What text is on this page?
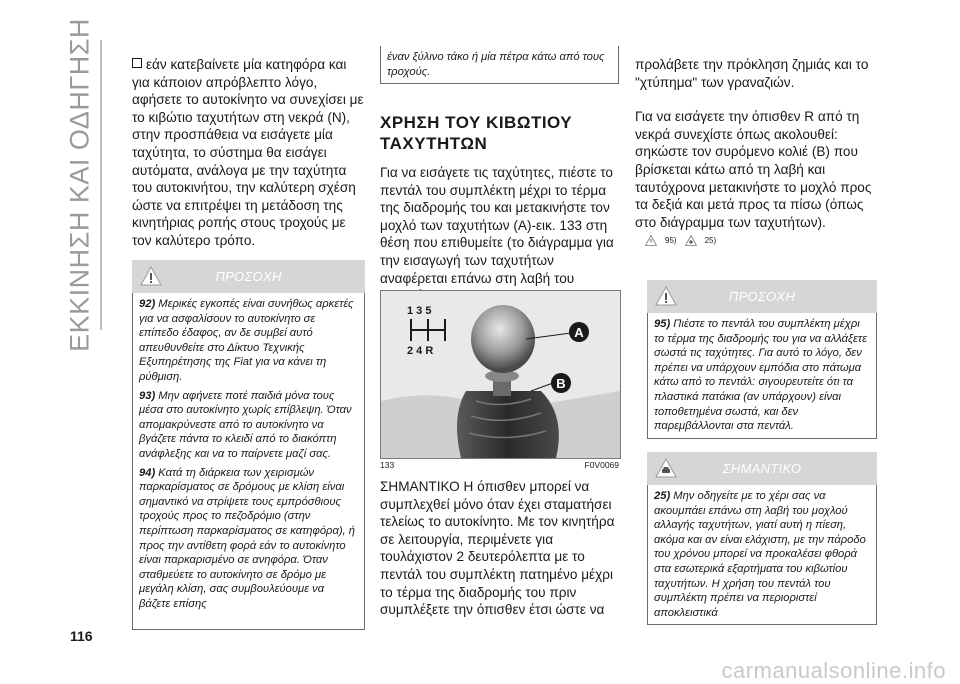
ΕΚΚΙΝΗΣΗ ΚΑΙ ΟΔΗΓΗΣΗ	εάν κατεβαίνετε μία κατηφόρα και για κάποιον απρόβλεπτο λόγο, αφήσετε το αυτοκίνητο να συνεχίσει με το κιβώτιο ταχυτήτων στη νεκρά (N), στην προσπάθεια να εισάγετε μία ταχύτητα, το σύστημα θα εισάγει αυτόματα, ανάλογα με την ταχύτητα του αυτοκινήτου, την καλύτερη σχέση ώστε να επιτρέψει τη μετάδοση της κινητήριας ροπής στους τροχούς με τον καλύτερο τρόπο.

ΠΡΟΣΟΧΗ

92) Μερικές εγκοπές είναι συνήθως αρκετές για να ασφαλίσουν το αυτοκίνητο σε επίπεδο έδαφος, αν δε συμβεί αυτό απευθυνθείτε στο Δίκτυο Τεχνικής Εξυπηρέτησης της Fiat για να κάνει τη ρύθμιση.

93) Μην αφήνετε ποτέ παιδιά μόνα τους μέσα στο αυτοκίνητο χωρίς επίβλεψη. Όταν απομακρύνεστε από το αυτοκίνητο να βγάζετε πάντα το κλειδί από το διακόπτη ανάφλεξης και να το παίρνετε μαζί σας.

94) Κατά τη διάρκεια των χειρισμών παρκαρίσματος σε δρόμους με κλίση είναι σημαντικό να στρίψετε τους εμπρόσθιους τροχούς προς το πεζοδρόμιο (στην περίπτωση παρκαρίσματος σε κατηφόρα), ή προς την αντίθετη φορά εάν το αυτοκίνητο είναι παρκαρισμένο σε ανηφόρα. Όταν σταθμεύετε το αυτοκίνητο σε δρόμο με μεγάλη κλίση, σας συμβουλεύουμε να βάζετε επίσης

έναν ξύλινο τάκο ή μία πέτρα κάτω από τους τροχούς.

ΧΡΗΣΗ ΤΟΥ ΚΙΒΩΤΙΟΥ ΤΑΧΥΤΗΤΩΝ

Για να εισάγετε τις ταχύτητες, πιέστε το πεντάλ του συμπλέκτη μέχρι το τέρμα της διαδρομής του και μετακινήστε τον μοχλό των ταχυτήτων (A)-εικ. 133 στη θέση που επιθυμείτε (το διάγραμμα για την εισαγωγή των ταχυτήτων αναφέρεται επάνω στη λαβή του

1 3 5
2 4 R
A
B
133	F0V0069

ΣΗΜΑΝΤΙΚΟ Η όπισθεν μπορεί να συμπλεχθεί μόνο όταν έχει σταματήσει τελείως το αυτοκίνητο. Με τον κινητήρα σε λειτουργία, περιμένετε για τουλάχιστον 2 δευτερόλεπτα με το πεντάλ του συμπλέκτη πατημένο μέχρι το τέρμα της διαδρομής του πριν συμπλέξετε την όπισθεν έτσι ώστε να

προλάβετε την πρόκληση ζημιάς και το "χτύπημα" των γραναζιών.

Για να εισάγετε την όπισθεν R από τη νεκρά συνεχίστε όπως ακολουθεί: σηκώστε τον συρόμενο κολιέ (B) που βρίσκεται κάτω από τη λαβή και ταυτόχρονα μετακινήστε το μοχλό προς τα δεξιά και μετά προς τα πίσω (όπως στο διάγραμμα των ταχυτήτων).

95)	25)
ΠΡΟΣΟΧΗ

95) Πιέστε το πεντάλ του συμπλέκτη μέχρι το τέρμα της διαδρομής του για να αλλάξετε σωστά τις ταχύτητες. Για αυτό το λόγο, δεν πρέπει να υπάρχουν εμπόδια στο πάτωμα κάτω από το πεντάλ: σιγουρευτείτε ότι τα πλαστικά πατάκια (αν υπάρχουν) είναι τοποθετημένα σωστά, και δεν παρεμβάλλονται στα πεντάλ.

ΣΗΜΑΝΤΙΚΟ

25) Μην οδηγείτε με το χέρι σας να ακουμπάει επάνω στη λαβή του μοχλού αλλαγής ταχυτήτων, γιατί αυτή η πίεση, ακόμα και αν είναι ελάχιστη, με την πάροδο του χρόνου μπορεί να προκαλέσει φθορά στα εσωτερικά εξαρτήματα του κιβωτίου ταχυτήτων. Η χρήση του πεντάλ του συμπλέκτη πρέπει να περιοριστεί αποκλειστικά

116
carmanualsonline.info
